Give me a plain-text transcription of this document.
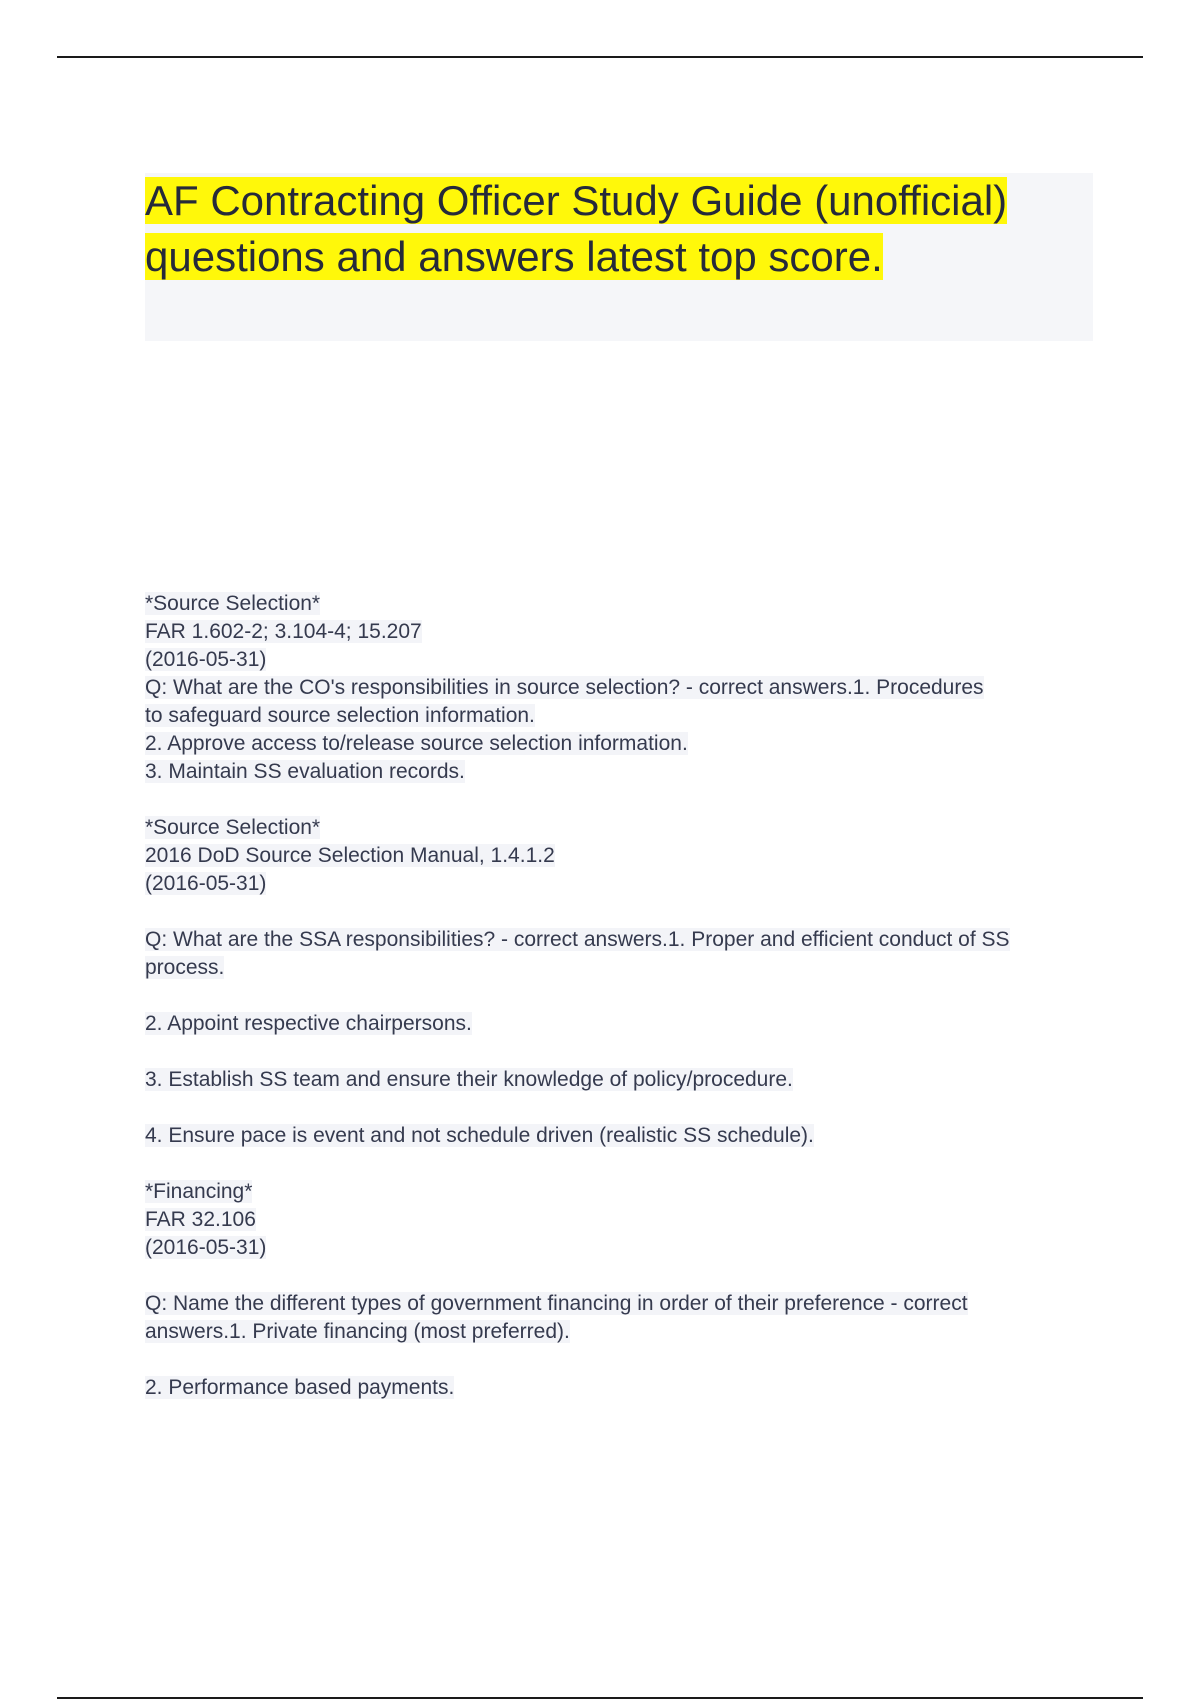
AF Contracting Officer Study Guide (unofficial) questions and answers latest top score.
*Source Selection*
FAR 1.602-2; 3.104-4; 15.207
(2016-05-31)
Q: What are the CO's responsibilities in source selection? - correct answers.1. Procedures to safeguard source selection information.
2. Approve access to/release source selection information.
3. Maintain SS evaluation records.
*Source Selection*
2016 DoD Source Selection Manual, 1.4.1.2
(2016-05-31)
Q: What are the SSA responsibilities? - correct answers.1. Proper and efficient conduct of SS process.
2. Appoint respective chairpersons.
3. Establish SS team and ensure their knowledge of policy/procedure.
4. Ensure pace is event and not schedule driven (realistic SS schedule).
*Financing*
FAR 32.106
(2016-05-31)
Q: Name the different types of government financing in order of their preference - correct answers.1. Private financing (most preferred).
2. Performance based payments.
